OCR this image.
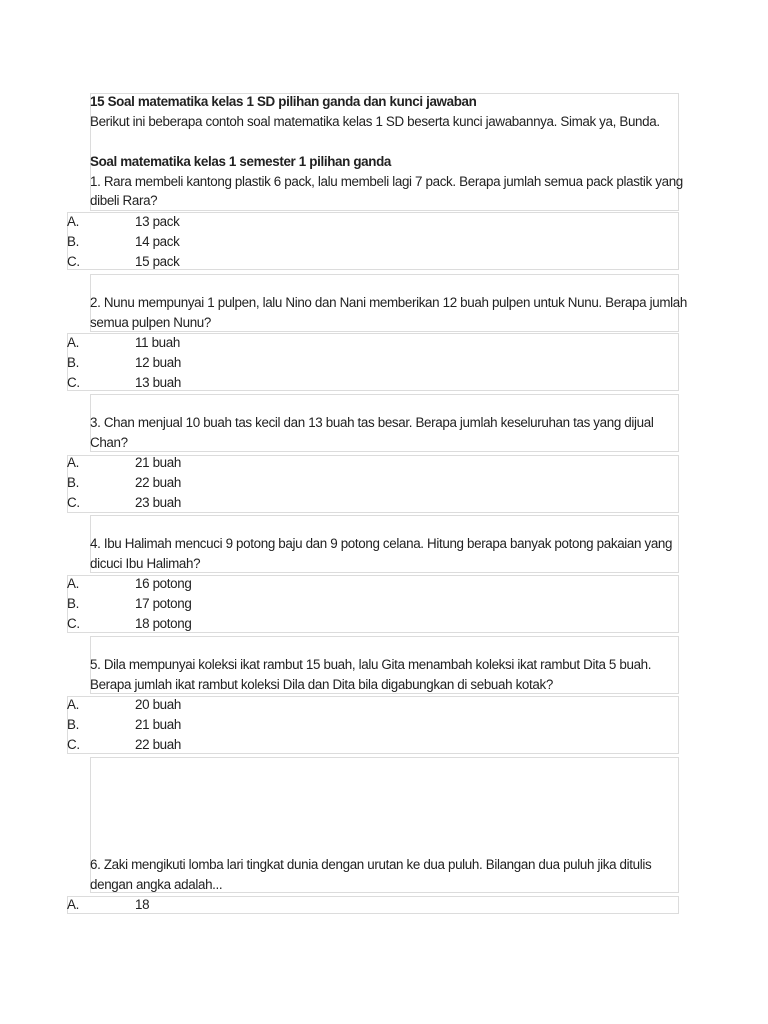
15 Soal matematika kelas 1 SD pilihan ganda dan kunci jawaban
Berikut ini beberapa contoh soal matematika kelas 1 SD beserta kunci jawabannya. Simak ya, Bunda.
Soal matematika kelas 1 semester 1 pilihan ganda
1. Rara membeli kantong plastik 6 pack, lalu membeli lagi 7 pack. Berapa jumlah semua pack plastik yang
dibeli Rara?
A.	13 pack
B.	14 pack
C.	15 pack
2. Nunu mempunyai 1 pulpen, lalu Nino dan Nani memberikan 12 buah pulpen untuk Nunu. Berapa jumlah
semua pulpen Nunu?
A.	11 buah
B.	12 buah
C.	13 buah
3. Chan menjual 10 buah tas kecil dan 13 buah tas besar. Berapa jumlah keseluruhan tas yang dijual
Chan?
A.	21 buah
B.	22 buah
C.	23 buah
4. Ibu Halimah mencuci 9 potong baju dan 9 potong celana. Hitung berapa banyak potong pakaian yang
dicuci Ibu Halimah?
A.	16 potong
B.	17 potong
C.	18 potong
5. Dila mempunyai koleksi ikat rambut 15 buah, lalu Gita menambah koleksi ikat rambut Dita 5 buah.
Berapa jumlah ikat rambut koleksi Dila dan Dita bila digabungkan di sebuah kotak?
A.	20 buah
B.	21 buah
C.	22 buah
6. Zaki mengikuti lomba lari tingkat dunia dengan urutan ke dua puluh. Bilangan dua puluh jika ditulis
dengan angka adalah...
A.	18
